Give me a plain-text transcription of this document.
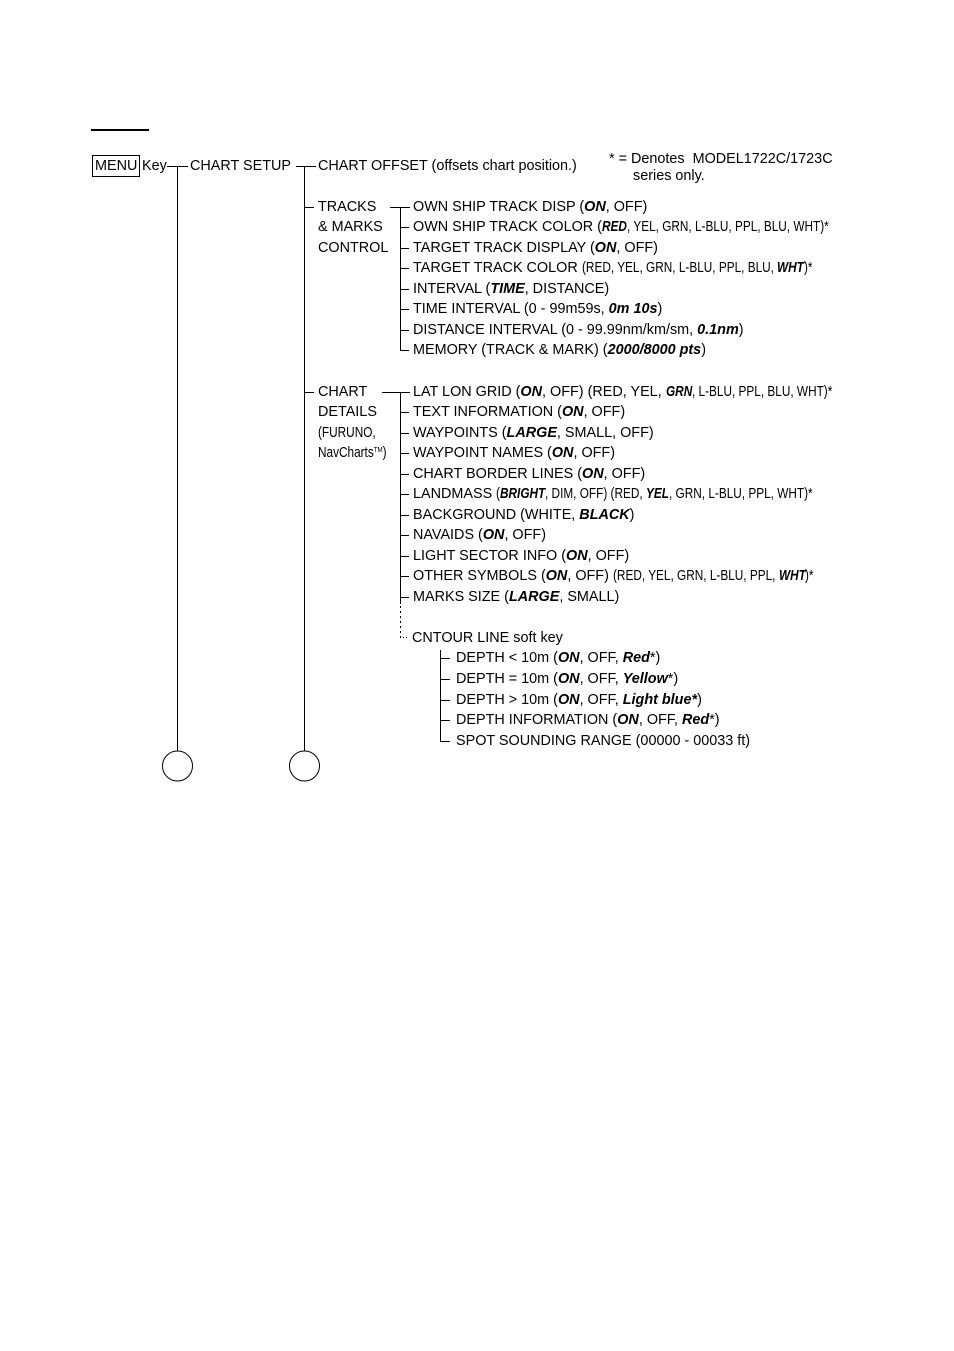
MENU Key CHART SETUP CHART OFFSET (offsets chart position.) * = Denotes  MODEL1722C/1723C
series only.
TRACKS
& MARKS
CONTROL
OWN SHIP TRACK DISP ( ON , OFF)
OWN SHIP TRACK COLOR ( RED , YEL, GRN, L-BLU, PPL, BLU, WHT)*
TARGET TRACK DISPLAY ( ON , OFF)
TARGET TRACK COLOR (RED, YEL, GRN, L-BLU, PPL, BLU, WHT )*
INTERVAL ( TIME , DISTANCE)
TIME INTERVAL (0 - 99m59s, 0m 10s )
DISTANCE INTERVAL (0 - 99.99nm/km/sm, 0.1nm )
MEMORY (TRACK & MARK) ( 2000/8000 pts )
CHART
DETAILS
(FURUNO,
NavCharts™)
LAT LON GRID ( ON , OFF) (RED, YEL, GRN , L-BLU, PPL, BLU, WHT)*
TEXT INFORMATION ( ON , OFF)
WAYPOINTS ( LARGE , SMALL, OFF)
WAYPOINT NAMES ( ON , OFF)
CHART BORDER LINES ( ON , OFF)
LANDMASS ( BRIGHT , DIM, OFF) (RED, YEL , GRN, L-BLU, PPL, WHT)*
BACKGROUND (WHITE, BLACK )
NAVAIDS ( ON , OFF)
LIGHT SECTOR INFO ( ON , OFF)
OTHER SYMBOLS ( ON , OFF) (RED, YEL, GRN, L-BLU, PPL, WHT )*
MARKS SIZE ( LARGE , SMALL)
CNTOUR LINE soft key
DEPTH < 10m ( ON , OFF, Red *)
DEPTH = 10m ( ON , OFF, Yellow *)
DEPTH > 10m ( ON , OFF, Light blue* )
DEPTH INFORMATION ( ON , OFF, Red *)
SPOT SOUNDING RANGE (00000 - 00033 ft)
